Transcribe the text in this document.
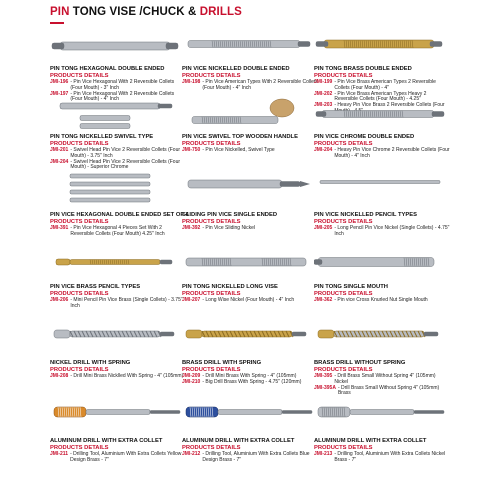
PIN TONG VISE /CHUCK & DRILLS
PIN TONG HEXAGONAL DOUBLE ENDED
PRODUCTS DETAILS
JMI-196 - Pin Vice Hexagonal With 2 Reversible Collets (Four Mouth) - 3" Inch
JMI-197 - Pin Vice Hexagonal With 2 Reversible Collets (Four Mouth) - 4" Inch
PIN VICE NICKELLED DOUBLE ENDED
PRODUCTS DETAILS
JMI-198 - Pin Vice American Types With 2 Reversible Collets (Four Mouth) - 4" Inch
PIN TONG BRASS DOUBLE ENDED
PRODUCTS DETAILS
JMI-199 - Pin Vice Brass American Types 2 Reversible Collets (Four Mouth) - 4"
JMI-202 - Pin Vice Brass American Types Heavy 2 Reversible Collets (Four Mouth) - 4.25"
JMI-203 - Heavy Pin Vice Brass 2 Reversible Collets (Four
PIN TONG NICKELLED SWIVEL TYPE
PRODUCTS DETAILS
JMI-201 - Swivel Head Pin Vice 2 Reversible Collets (Four Mouth) - 3.75" Inch
JMI-204 - Swivel Head Pin Vice 2 Reversible Collets (Four Mouth) - Superior Chrome
PIN VICE SWIVEL TOP WOODEN HANDLE
PRODUCTS DETAILS
JMI-750 - Pin Vice Nickelled, Swivel Type
PIN VICE CHROME DOUBLE ENDED
PRODUCTS DETAILS
JMI-204 - Heavy Pin Vice Chrome 2 Reversible Collets (Four Mouth) - 4" Inch
PIN VICE HEXAGONAL DOUBLE ENDED SET OF 4
PRODUCTS DETAILS
JMI-391 - Pin Vice Hexagonal 4 Pieces Set With 2 Reversible Collets (Four Mouth) 4.25" Inch
SLIDING PIN VICE SINGLE ENDED
PRODUCTS DETAILS
JMI-392 - Pin Vice Sliding Nickel
PIN VICE NICKELLED PENCIL TYPES
PRODUCTS DETAILS
JMI-205 - Long Pencil Pin Vice Nickel (Single Collets) - 4.75" Inch
PIN VICE BRASS PENCIL TYPES
PRODUCTS DETAILS
JMI-206 - Mini Pencil Pin Vice Brass (Single Collets) - 3.75" Inch
PIN TONG NICKELLED LONG VISE
PRODUCTS DETAILS
JMI-207 - Long Wise Nickel (Four Mouth) - 4" Inch
PIN TONG SINGLE MOUTH
PRODUCTS DETAILS
JMI-362 - Pin vice Cross Knurled Nut Single Mouth
NICKEL DRILL WITH SPRING
PRODUCTS DETAILS
JMI-208 - Drill Mini Brass Nicklled With Spring - 4" (105mm)
BRASS DRILL WITH SPRING
PRODUCTS DETAILS
JMI-209 - Drill Mini Brass With Spring - 4" (105mm)
JMI-210 - Big Drill Brass With Spring - 4.75" (120mm)
BRASS DRILL WITHOUT SPRING
PRODUCTS DETAILS
JMI-395 - Drill Brass Small Without Spring 4" (105mm) Nickel
JMI-395A - Drill Brass Small Without Spring 4" (105mm) Brass
ALUMINUM DRILL WITH EXTRA COLLET
PRODUCTS DETAILS
JMI-211 - Drilling Tool, Aluminium With Extra Collets Yellow Design Brass - 7"
ALUMINUM DRILL WITH EXTRA COLLET
PRODUCTS DETAILS
JMI-212 - Drilling Tool, Aluminium With Extra Collets Blue Design Brass - 7"
ALUMINUM DRILL WITH EXTRA COLLET
PRODUCTS DETAILS
JMI-213 - Drilling Tool, Aluminium With Extra Collets Nickel Brass - 7"
